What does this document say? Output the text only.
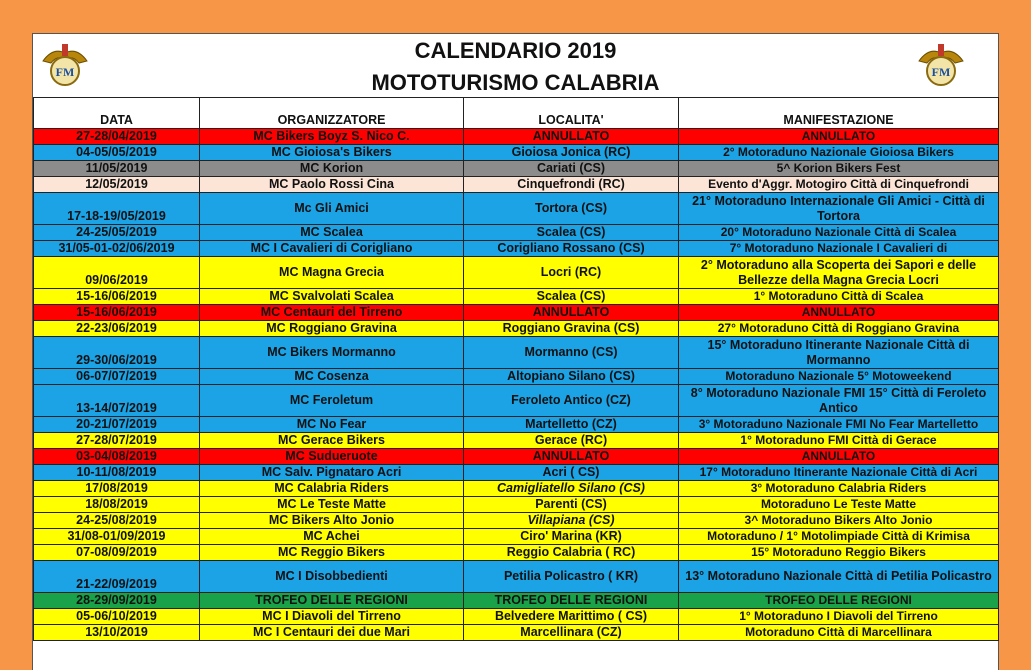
FM	FM
CALENDARIO 2019
MOTOTURISMO CALABRIA
DATA	ORGANIZZATORE	LOCALITA'	MANIFESTAZIONE
27-28/04/2019	MC Bikers Boyz S. Nico C.	ANNULLATO	ANNULLATO
04-05/05/2019	MC Gioiosa's Bikers	Gioiosa Jonica (RC)	2° Motoraduno Nazionale Gioiosa Bikers
11/05/2019	MC Korion	Cariati (CS)	5^ Korion Bikers Fest
12/05/2019	MC Paolo Rossi Cina	Cinquefrondi (RC)	Evento d'Aggr. Motogiro Città di Cinquefrondi
17-18-19/05/2019	Mc Gli Amici	Tortora (CS)	21° Motoraduno Internazionale Gli Amici - Città di Tortora
24-25/05/2019	MC Scalea	Scalea (CS)	20° Motoraduno Nazionale Città di Scalea
31/05-01-02/06/2019	MC I Cavalieri di Corigliano	Corigliano Rossano (CS)	7° Motoraduno Nazionale I Cavalieri di
09/06/2019	MC Magna Grecia	Locri (RC)	2° Motoraduno alla Scoperta dei Sapori e delle Bellezze della Magna Grecia Locri
15-16/06/2019	MC Svalvolati Scalea	Scalea (CS)	1° Motoraduno Città di Scalea
15-16/06/2019	MC Centauri del Tirreno	ANNULLATO	ANNULLATO
22-23/06/2019	MC Roggiano Gravina	Roggiano Gravina (CS)	27° Motoraduno Città di Roggiano Gravina
29-30/06/2019	MC Bikers Mormanno	Mormanno (CS)	15° Motoraduno Itinerante Nazionale Città di Mormanno
06-07/07/2019	MC Cosenza	Altopiano Silano (CS)	Motoraduno Nazionale 5° Motoweekend
13-14/07/2019	MC Feroletum	Feroleto Antico (CZ)	8° Motoraduno Nazionale FMI 15° Città di Feroleto Antico
20-21/07/2019	MC No Fear	Martelletto (CZ)	3° Motoraduno Nazionale FMI No Fear Martelletto
27-28/07/2019	MC Gerace Bikers	Gerace (RC)	1° Motoraduno FMI Città di Gerace
03-04/08/2019	MC Sudueruote	ANNULLATO	ANNULLATO
10-11/08/2019	MC Salv. Pignataro Acri	Acri ( CS)	17° Motoraduno Itinerante Nazionale Città di Acri
17/08/2019	MC Calabria Riders	Camigliatello Silano (CS)	3° Motoraduno Calabria Riders
18/08/2019	MC Le Teste Matte	Parenti (CS)	Motoraduno Le Teste Matte
24-25/08/2019	MC Bikers Alto Jonio	Villapiana (CS)	3^ Motoraduno Bikers Alto Jonio
31/08-01/09/2019	MC Achei	Ciro' Marina (KR)	Motoraduno / 1° Motolimpiade Città di Krimisa
07-08/09/2019	MC Reggio Bikers	Reggio Calabria ( RC)	15° Motoraduno Reggio Bikers
21-22/09/2019	MC I Disobbedienti	Petilia Policastro ( KR)	13° Motoraduno Nazionale Città di Petilia Policastro
28-29/09/2019	TROFEO DELLE REGIONI	TROFEO DELLE REGIONI	TROFEO DELLE REGIONI
05-06/10/2019	MC I Diavoli del Tirreno	Belvedere Marittimo ( CS)	1° Motoraduno I Diavoli del Tirreno
13/10/2019	MC I Centauri dei due Mari	Marcellinara (CZ)	Motoraduno Città di Marcellinara
